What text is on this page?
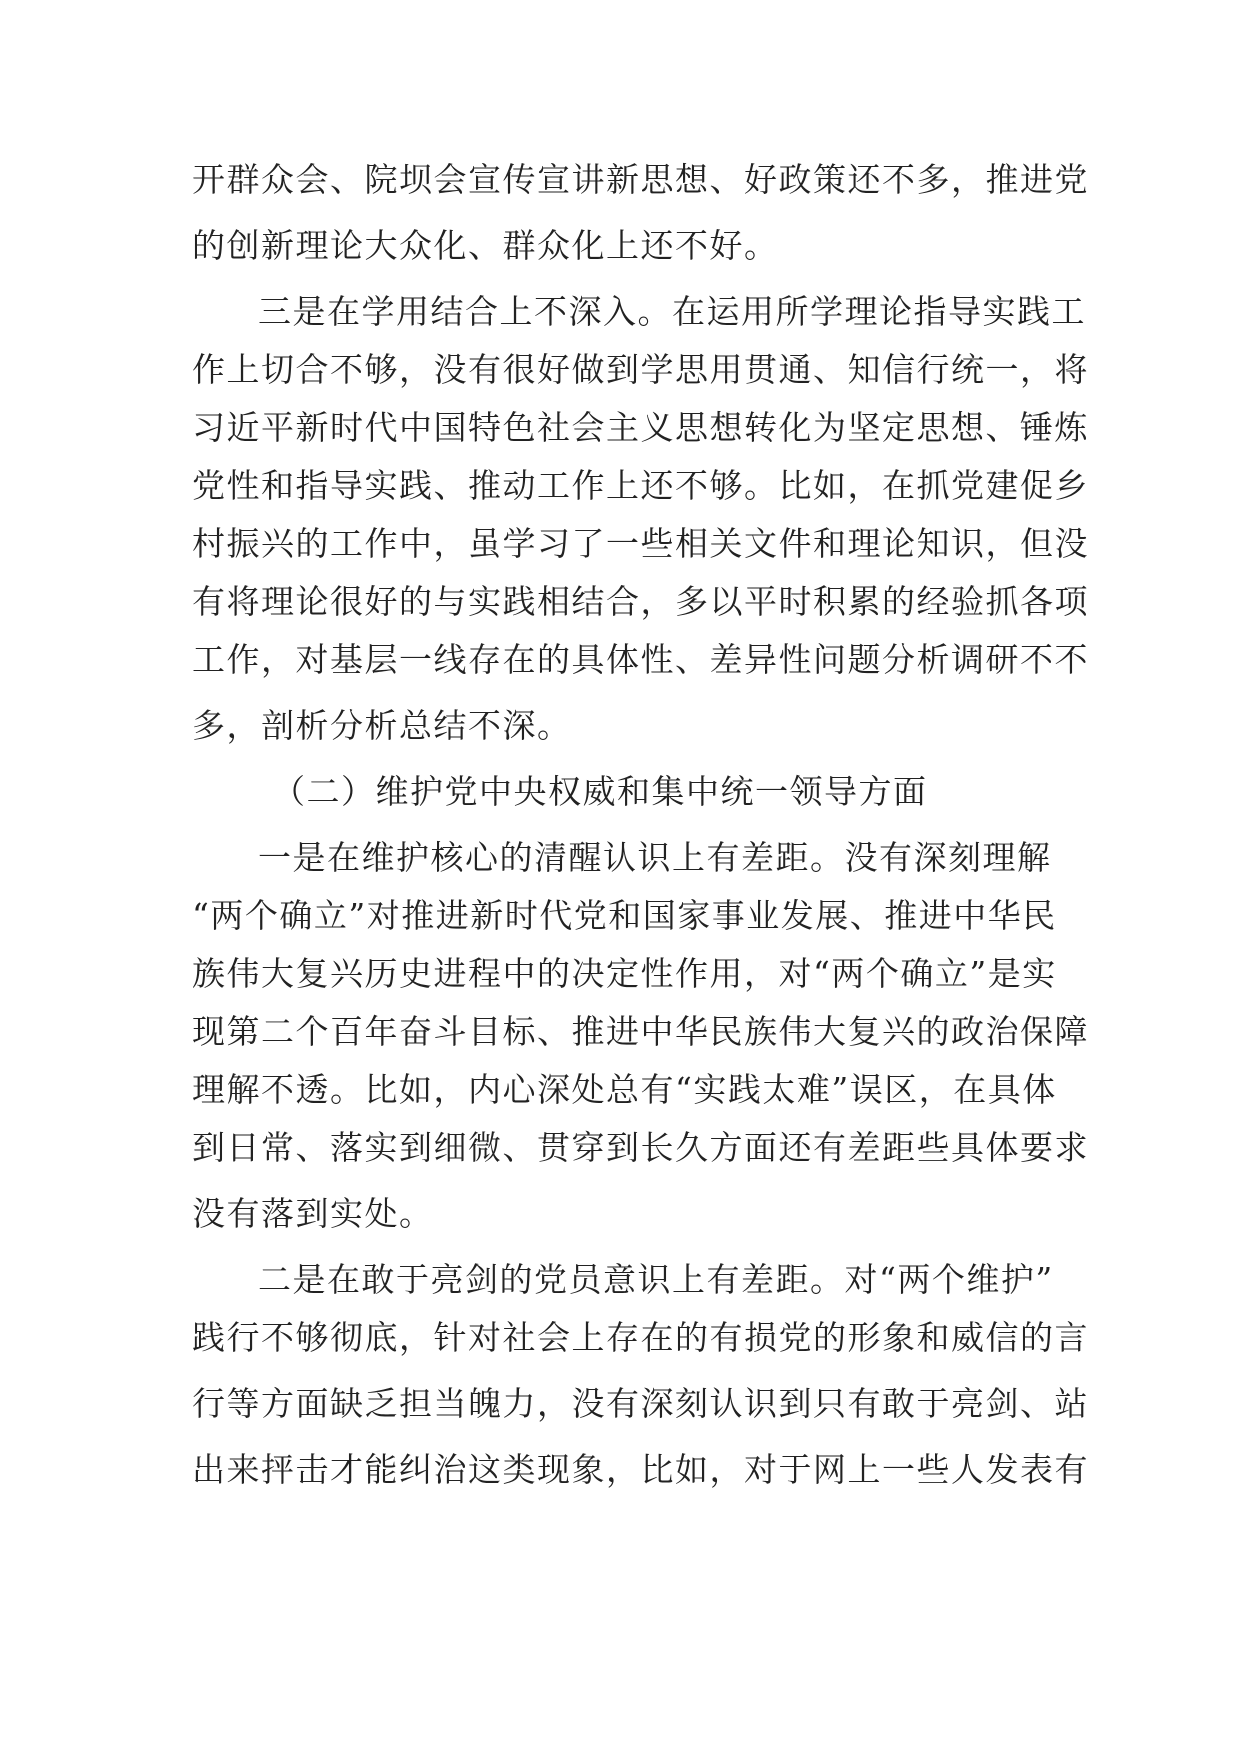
开群众会、院坝会宣传宣讲新思想、好政策还不多，推进党
的创新理论大众化、群众化上还不好。
三是在学用结合上不深入。在运用所学理论指导实践工
作上切合不够，没有很好做到学思用贯通、知信行统一，将
习近平新时代中国特色社会主义思想转化为坚定思想、锤炼
党性和指导实践、推动工作上还不够。比如，在抓党建促乡
村振兴的工作中，虽学习了一些相关文件和理论知识，但没
有将理论很好的与实践相结合，多以平时积累的经验抓各项
工作，对基层一线存在的具体性、差异性问题分析调研不不
多，剖析分析总结不深。
（二）维护党中央权威和集中统一领导方面
一是在维护核心的清醒认识上有差距。没有深刻理解
“两个确立”对推进新时代党和国家事业发展、推进中华民
族伟大复兴历史进程中的决定性作用，对“两个确立”是实
现第二个百年奋斗目标、推进中华民族伟大复兴的政治保障
理解不透。比如，内心深处总有“实践太难”误区，在具体
到日常、落实到细微、贯穿到长久方面还有差距些具体要求
没有落到实处。
二是在敢于亮剑的党员意识上有差距。对“两个维护”
践行不够彻底，针对社会上存在的有损党的形象和威信的言
行等方面缺乏担当魄力，没有深刻认识到只有敢于亮剑、站
出来抨击才能纠治这类现象，比如，对于网上一些人发表有
